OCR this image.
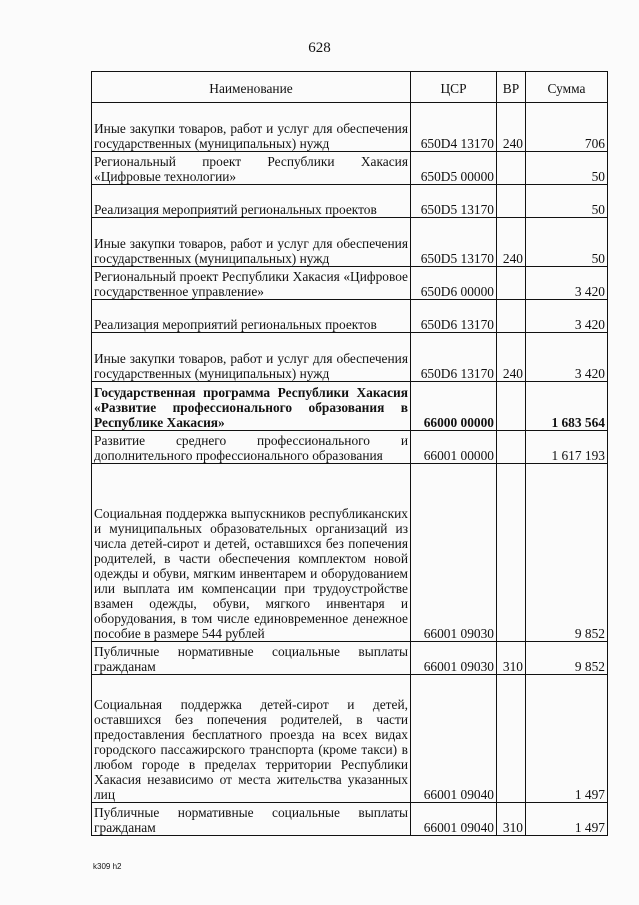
628
Наименование	ЦСР	ВР	Сумма
Иные закупки товаров, работ и услуг для обеспечения государственных (муниципальных) нужд	650D4 13170	240	706
Региональный проект Республики Хакасия «Цифровые технологии»	650D5 00000		50
Реализация мероприятий региональных проектов	650D5 13170		50
Иные закупки товаров, работ и услуг для обеспечения государственных (муниципальных) нужд	650D5 13170	240	50
Региональный проект Республики Хакасия «Цифровое государственное управление»	650D6 00000		3 420
Реализация мероприятий региональных проектов	650D6 13170		3 420
Иные закупки товаров, работ и услуг для обеспечения государственных (муниципальных) нужд	650D6 13170	240	3 420
Государственная программа Республики Хакасия «Развитие профессионального образования в Республике Хакасия»	66000 00000		1 683 564
Развитие среднего профессионального и дополнительного профессионального образования	66001 00000		1 617 193
Социальная поддержка выпускников республиканских и муниципальных образовательных организаций из числа детей-сирот и детей, оставшихся без попечения родителей, в части обеспечения комплектом новой одежды и обуви, мягким инвентарем и оборудованием или выплата им компенсации при трудоустройстве взамен одежды, обуви, мягкого инвентаря и оборудования, в том числе единовременное денежное пособие в размере 544 рублей	66001 09030		9 852
Публичные нормативные социальные выплаты гражданам	66001 09030	310	9 852
Социальная поддержка детей-сирот и детей, оставшихся без попечения родителей, в части предоставления бесплатного проезда на всех видах городского пассажирского транспорта (кроме такси) в любом городе в пределах территории Республики Хакасия независимо от места жительства указанных лиц	66001 09040		1 497
Публичные нормативные социальные выплаты гражданам	66001 09040	310	1 497
k309 h2
